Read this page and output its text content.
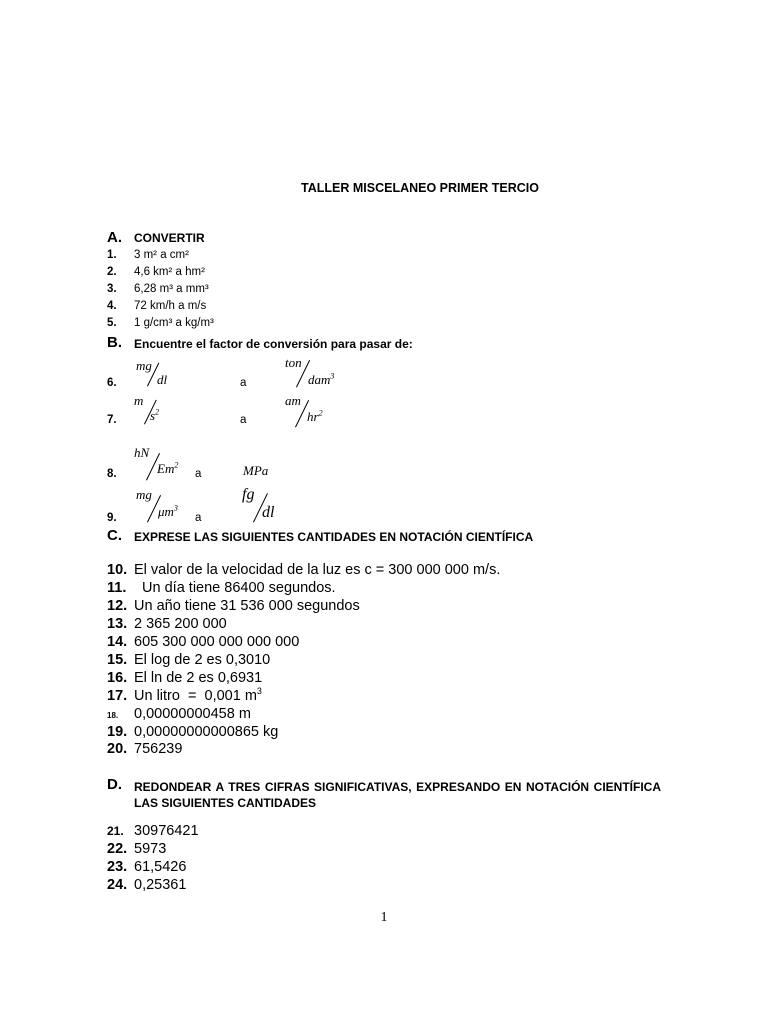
TALLER MISCELANEO PRIMER TERCIO
A. CONVERTIR
1. 3 m² a cm²
2. 4,6 km² a hm²
3. 6,28 m³ a mm³
4. 72 km/h a m/s
5. 1 g/cm³ a kg/m³
B. Encuentre el factor de conversión para pasar de:
6.
mg
dl	a
ton
dam$^3$
7.
m
$s^2$
a
am
$hr^2$
8.
hN
Em$^2$
a	MPa
9.
mg
$\mu m^3$
a
fg
dl
C. EXPRESE LAS SIGUIENTES CANTIDADES EN NOTACIÓN CIENTÍFICA
10. El valor de la velocidad de la luz es c = 300 000 000 m/s.
11. Un día tiene 86400 segundos.
12. Un año tiene 31 536 000 segundos
13. 2 365 200 000
14. 605 300 000 000 000 000
15. El log de 2 es 0,3010
16. El ln de 2 es 0,6931
17. Un litro  =  0,001 $m^3$
18. 0,00000000458 m
19. 0,00000000000865 kg
20. 756239
D. REDONDEAR A TRES CIFRAS SIGNIFICATIVAS, EXPRESANDO EN NOTACIÓN CIENTÍFICA LAS SIGUIENTES CANTIDADES
21. 30976421
22. 5973
23. 61,5426
24. 0,25361
1
